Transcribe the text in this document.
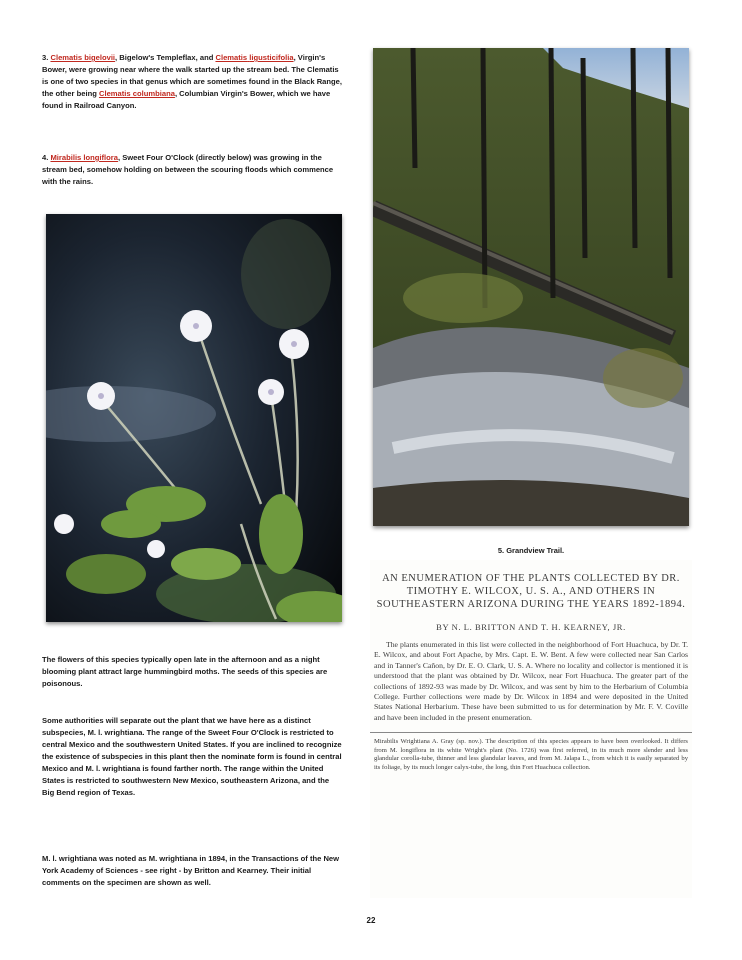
3. Clematis bigelovii, Bigelow's Templeflax, and Clematis ligusticifolia, Virgin's Bower, were growing near where the walk started up the stream bed. The Clematis is one of two species in that genus which are sometimes found in the Black Range, the other being Clematis columbiana, Columbian Virgin's Bower, which we have found in Railroad Canyon.
4. Mirabilis longiflora, Sweet Four O'Clock (directly below) was growing in the stream bed, somehow holding on between the scouring floods which commence with the rains.
The flowers of this species typically open late in the afternoon and as a night blooming plant attract large hummingbird moths. The seeds of this species are poisonous.
Some authorities will separate out the plant that we have here as a distinct subspecies, M. l. wrightiana. The range of the Sweet Four O'Clock is restricted to central Mexico and the southwestern United States. If you are inclined to recognize the existence of subspecies in this plant then the nominate form is found in central Mexico and M. l. wrightiana is found farther north. The range within the United States is restricted to southwestern New Mexico, southeastern Arizona, and the Big Bend region of Texas.
M. l. wrightiana was noted as M. wrightiana in 1894, in the Transactions of the New York Academy of Sciences - see right - by Britton and Kearney. Their initial comments on the specimen are shown as well.
5. Grandview Trail.
AN ENUMERATION OF THE PLANTS COLLECTED BY DR. TIMOTHY E. WILCOX, U. S. A., AND OTHERS IN SOUTHEASTERN ARIZONA DURING THE YEARS 1892-1894.
BY N. L. BRITTON AND T. H. KEARNEY, JR.
The plants enumerated in this list were collected in the neighborhood of Fort Huachuca, by Dr. T. E. Wilcox, and about Fort Apache, by Mrs. Capt. E. W. Bent. A few were collected near San Carlos and in Tanner's Cañon, by Dr. E. O. Clark, U. S. A. Where no locality and collector is mentioned it is understood that the plant was obtained by Dr. Wilcox, near Fort Huachuca. The greater part of the collections of 1892-93 was made by Dr. Wilcox, and was sent by him to the Herbarium of Columbia College. Further collections were made by Dr. Wilcox in 1894 and were deposited in the United States National Herbarium. These have been submitted to us for determination by Mr. F. V. Coville and have been included in the present enumeration.
Mirabilis Wrightiana A. Gray (sp. nov.). The description of this species appears to have been overlooked. It differs from M. longiflora in its white Wright's plant (No. 1726) was first referred, in its much more slender and less glandular corolla-tube, thinner and less glandular leaves, and from M. Jalapa L., from which it is easily separated by its foliage, by its much longer calyx-tube, the long, thin Fort Huachuca collection.
22
